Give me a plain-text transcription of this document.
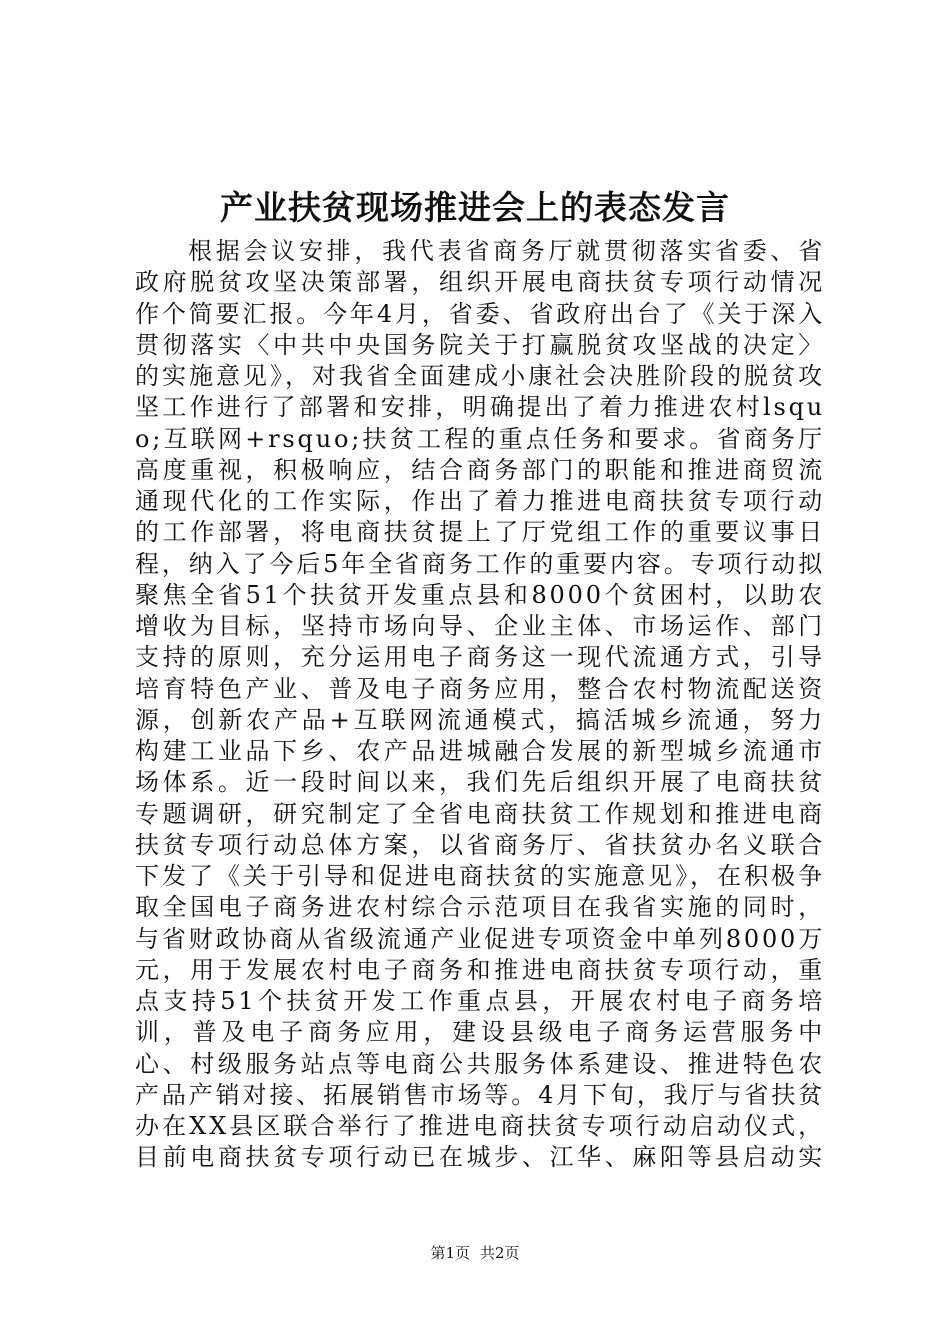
产业扶贫现场推进会上的表态发言

根据会议安排，我代表省商务厅就贯彻落实省委、省政府脱贫攻坚决策部署，组织开展电商扶贫专项行动情况作个简要汇报。今年4月，省委、省政府出台了《关于深入贯彻落实〈中共中央国务院关于打赢脱贫攻坚战的决定〉的实施意见》，对我省全面建成小康社会决胜阶段的脱贫攻坚工作进行了部署和安排，明确提出了着力推进农村lsquo;互联网+rsquo;扶贫工程的重点任务和要求。省商务厅高度重视，积极响应，结合商务部门的职能和推进商贸流通现代化的工作实际，作出了着力推进电商扶贫专项行动的工作部署，将电商扶贫提上了厅党组工作的重要议事日程，纳入了今后5年全省商务工作的重要内容。专项行动拟聚焦全省51个扶贫开发重点县和8000个贫困村，以助农增收为目标，坚持市场向导、企业主体、市场运作、部门支持的原则，充分运用电子商务这一现代流通方式，引导培育特色产业、普及电子商务应用，整合农村物流配送资源，创新农产品+互联网流通模式，搞活城乡流通，努力构建工业品下乡、农产品进城融合发展的新型城乡流通市场体系。近一段时间以来，我们先后组织开展了电商扶贫专题调研，研究制定了全省电商扶贫工作规划和推进电商扶贫专项行动总体方案，以省商务厅、省扶贫办名义联合下发了《关于引导和促进电商扶贫的实施意见》，在积极争取全国电子商务进农村综合示范项目在我省实施的同时，与省财政协商从省级流通产业促进专项资金中单列8000万元，用于发展农村电子商务和推进电商扶贫专项行动，重点支持51个扶贫开发工作重点县，开展农村电子商务培训，普及电子商务应用，建设县级电子商务运营服务中心、村级服务站点等电商公共服务体系建设、推进特色农产品产销对接、拓展销售市场等。4月下旬，我厅与省扶贫办在XX县区联合举行了推进电商扶贫专项行动启动仪式，目前电商扶贫专项行动已在城步、江华、麻阳等县启动实

第1页 共2页
